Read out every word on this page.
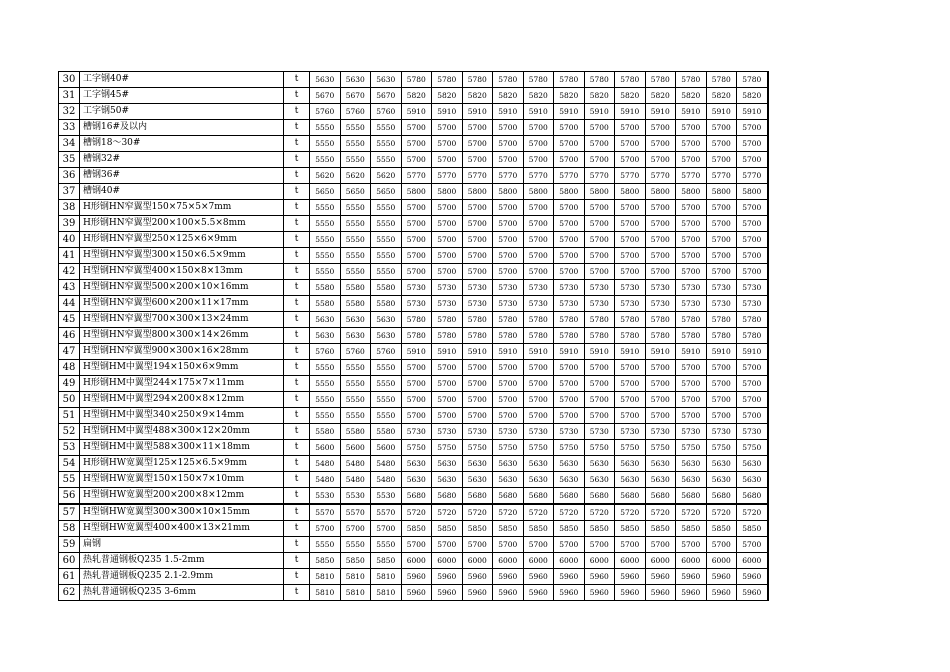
30	工字钢40#	t	5630	5630	5630	5780	5780	5780	5780	5780	5780	5780	5780	5780	5780	5780	5780
31	工字钢45#	t	5670	5670	5670	5820	5820	5820	5820	5820	5820	5820	5820	5820	5820	5820	5820
32	工字钢50#	t	5760	5760	5760	5910	5910	5910	5910	5910	5910	5910	5910	5910	5910	5910	5910
33	槽钢16#及以内	t	5550	5550	5550	5700	5700	5700	5700	5700	5700	5700	5700	5700	5700	5700	5700
34	槽钢18～30#	t	5550	5550	5550	5700	5700	5700	5700	5700	5700	5700	5700	5700	5700	5700	5700
35	槽钢32#	t	5550	5550	5550	5700	5700	5700	5700	5700	5700	5700	5700	5700	5700	5700	5700
36	槽钢36#	t	5620	5620	5620	5770	5770	5770	5770	5770	5770	5770	5770	5770	5770	5770	5770
37	槽钢40#	t	5650	5650	5650	5800	5800	5800	5800	5800	5800	5800	5800	5800	5800	5800	5800
38	H形钢HN窄翼型150×75×5×7mm	t	5550	5550	5550	5700	5700	5700	5700	5700	5700	5700	5700	5700	5700	5700	5700
39	H形钢HN窄翼型200×100×5.5×8mm	t	5550	5550	5550	5700	5700	5700	5700	5700	5700	5700	5700	5700	5700	5700	5700
40	H形钢HN窄翼型250×125×6×9mm	t	5550	5550	5550	5700	5700	5700	5700	5700	5700	5700	5700	5700	5700	5700	5700
41	H型钢HN窄翼型300×150×6.5×9mm	t	5550	5550	5550	5700	5700	5700	5700	5700	5700	5700	5700	5700	5700	5700	5700
42	H型钢HN窄翼型400×150×8×13mm	t	5550	5550	5550	5700	5700	5700	5700	5700	5700	5700	5700	5700	5700	5700	5700
43	H型钢HN窄翼型500×200×10×16mm	t	5580	5580	5580	5730	5730	5730	5730	5730	5730	5730	5730	5730	5730	5730	5730
44	H型钢HN窄翼型600×200×11×17mm	t	5580	5580	5580	5730	5730	5730	5730	5730	5730	5730	5730	5730	5730	5730	5730
45	H型钢HN窄翼型700×300×13×24mm	t	5630	5630	5630	5780	5780	5780	5780	5780	5780	5780	5780	5780	5780	5780	5780
46	H型钢HN窄翼型800×300×14×26mm	t	5630	5630	5630	5780	5780	5780	5780	5780	5780	5780	5780	5780	5780	5780	5780
47	H型钢HN窄翼型900×300×16×28mm	t	5760	5760	5760	5910	5910	5910	5910	5910	5910	5910	5910	5910	5910	5910	5910
48	H型钢HM中翼型194×150×6×9mm	t	5550	5550	5550	5700	5700	5700	5700	5700	5700	5700	5700	5700	5700	5700	5700
49	H形钢HM中翼型244×175×7×11mm	t	5550	5550	5550	5700	5700	5700	5700	5700	5700	5700	5700	5700	5700	5700	5700
50	H型钢HM中翼型294×200×8×12mm	t	5550	5550	5550	5700	5700	5700	5700	5700	5700	5700	5700	5700	5700	5700	5700
51	H型钢HM中翼型340×250×9×14mm	t	5550	5550	5550	5700	5700	5700	5700	5700	5700	5700	5700	5700	5700	5700	5700
52	H型钢HM中翼型488×300×12×20mm	t	5580	5580	5580	5730	5730	5730	5730	5730	5730	5730	5730	5730	5730	5730	5730
53	H型钢HM中翼型588×300×11×18mm	t	5600	5600	5600	5750	5750	5750	5750	5750	5750	5750	5750	5750	5750	5750	5750
54	H形钢HW宽翼型125×125×6.5×9mm	t	5480	5480	5480	5630	5630	5630	5630	5630	5630	5630	5630	5630	5630	5630	5630
55	H型钢HW宽翼型150×150×7×10mm	t	5480	5480	5480	5630	5630	5630	5630	5630	5630	5630	5630	5630	5630	5630	5630
56	H型钢HW宽翼型200×200×8×12mm	t	5530	5530	5530	5680	5680	5680	5680	5680	5680	5680	5680	5680	5680	5680	5680
57	H型钢HW宽翼型300×300×10×15mm	t	5570	5570	5570	5720	5720	5720	5720	5720	5720	5720	5720	5720	5720	5720	5720
58	H型钢HW宽翼型400×400×13×21mm	t	5700	5700	5700	5850	5850	5850	5850	5850	5850	5850	5850	5850	5850	5850	5850
59	扁钢	t	5550	5550	5550	5700	5700	5700	5700	5700	5700	5700	5700	5700	5700	5700	5700
60	热轧普通钢板Q235 1.5-2mm	t	5850	5850	5850	6000	6000	6000	6000	6000	6000	6000	6000	6000	6000	6000	6000
61	热轧普通钢板Q235 2.1-2.9mm	t	5810	5810	5810	5960	5960	5960	5960	5960	5960	5960	5960	5960	5960	5960	5960
62	热轧普通钢板Q235 3-6mm	t	5810	5810	5810	5960	5960	5960	5960	5960	5960	5960	5960	5960	5960	5960	5960
